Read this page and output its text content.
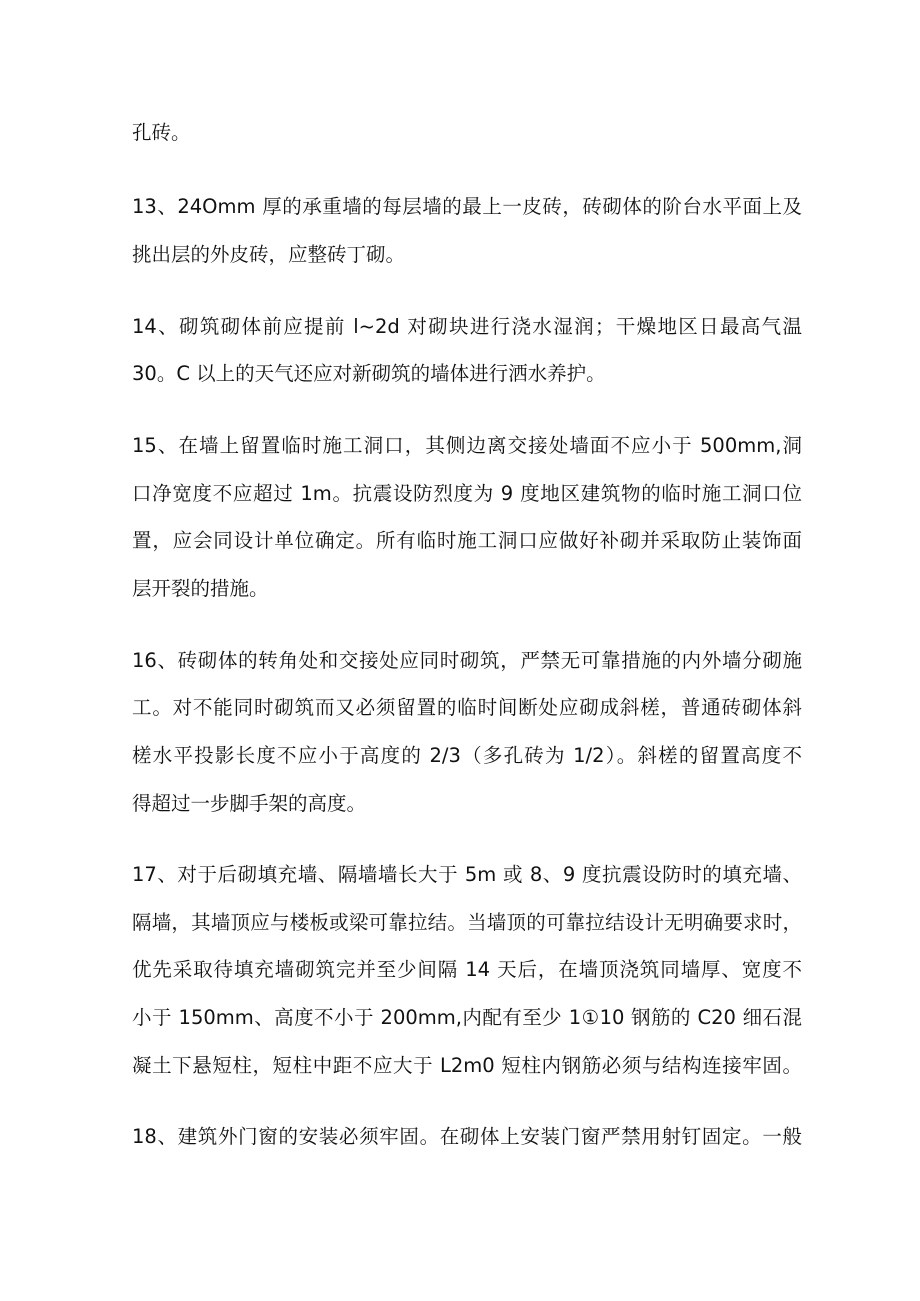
孔砖。
13、24Omm 厚的承重墙的每层墙的最上一皮砖，砖砌体的阶台水平面上及
挑出层的外皮砖，应整砖丁砌。
14、砌筑砌体前应提前 l~2d 对砌块进行浇水湿润；干燥地区日最高气温
30。C 以上的天气还应对新砌筑的墙体进行洒水养护。
15、在墙上留置临时施工洞口，其侧边离交接处墙面不应小于 500mm,洞
口净宽度不应超过 1m。抗震设防烈度为 9 度地区建筑物的临时施工洞口位
置，应会同设计单位确定。所有临时施工洞口应做好补砌并采取防止装饰面
层开裂的措施。
16、砖砌体的转角处和交接处应同时砌筑，严禁无可靠措施的内外墙分砌施
工。对不能同时砌筑而又必须留置的临时间断处应砌成斜槎，普通砖砌体斜
槎水平投影长度不应小于高度的 2/3（多孔砖为 1/2）。斜槎的留置高度不
得超过一步脚手架的高度。
17、对于后砌填充墙、隔墙墙长大于 5m 或 8、9 度抗震设防时的填充墙、
隔墙，其墙顶应与楼板或梁可靠拉结。当墙顶的可靠拉结设计无明确要求时，
优先采取待填充墙砌筑完并至少间隔 14 天后，在墙顶浇筑同墙厚、宽度不
小于 150mm、高度不小于 200mm,内配有至少 1①10 钢筋的 C20 细石混
凝土下悬短柱，短柱中距不应大于 L2m0 短柱内钢筋必须与结构连接牢固。
18、建筑外门窗的安装必须牢固。在砌体上安装门窗严禁用射钉固定。一般
